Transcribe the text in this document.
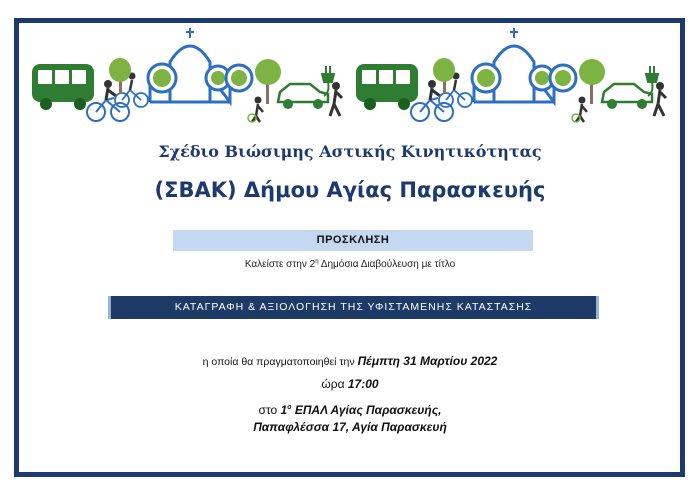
Σχέδιο Βιώσιμης Αστικής Κινητικότητας
(ΣΒΑΚ) Δήμου Αγίας Παρασκευής
ΠΡΟΣΚΛΗΣΗ
Καλείστε στην $2^\eta$ Δημόσια Διαβούλευση με τίτλο
ΚΑΤΑΓΡΑΦΗ & ΑΞΙΟΛΟΓΗΣΗ ΤΗΣ ΥΦΙΣΤΑΜΕΝΗΣ ΚΑΤΑΣΤΑΣΗΣ
η οποία θα πραγματοποιηθεί την Πέμπτη 31 Μαρτίου 2022
ώρα 17:00
στο $1^o$ ΕΠΑΛ Αγίας Παρασκευής,
Παπαφλέσσα 17, Αγία Παρασκευή
